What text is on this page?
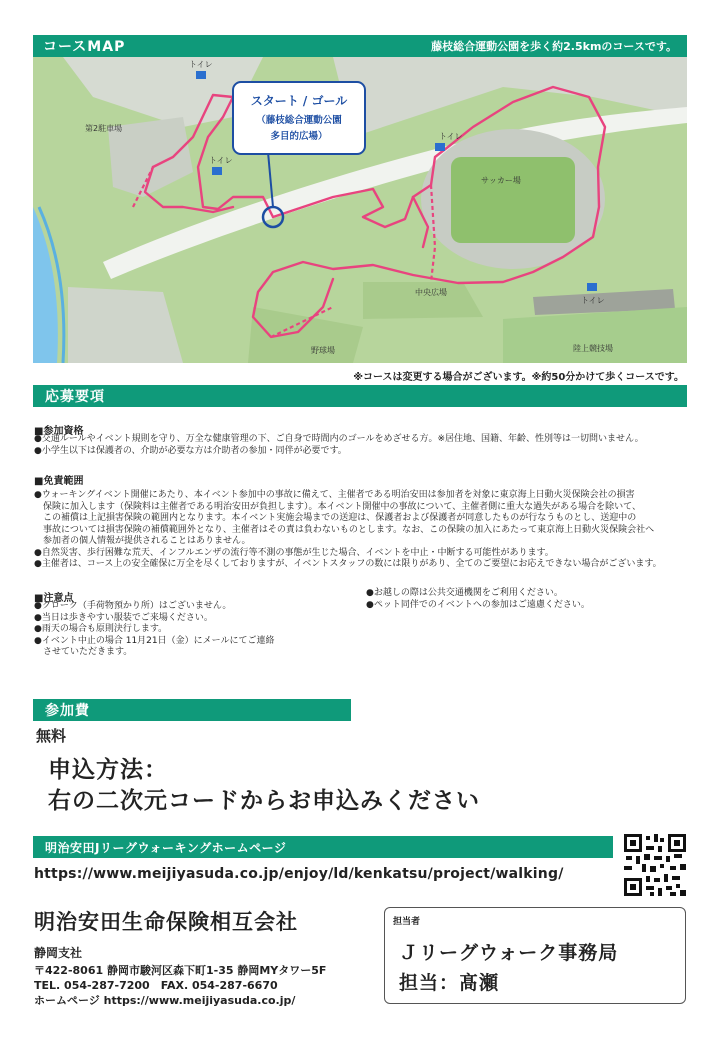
コースMAP	藤枝総合運動公園を歩く約2.5kmのコースです。
トイレ
トイレ
トイレ
トイレ
第2駐車場
サッカー場
中央広場
野球場	陸上競技場
スタート / ゴール
（藤枝総合運動公園
多目的広場）
※コースは変更する場合がございます。※約50分かけて歩くコースです。
応募要項
■参加資格
●交通ルールやイベント規則を守り、万全な健康管理の下、ご自身で時間内のゴールをめざせる方。※居住地、国籍、年齢、性別等は一切問いません。
●小学生以下は保護者の、介助が必要な方は介助者の参加・同伴が必要です。
■免責範囲
●ウォーキングイベント開催にあたり、本イベント参加中の事故に備えて、主催者である明治安田は参加者を対象に東京海上日動火災保険会社の損害
　保険に加入します（保険料は主催者である明治安田が負担します）。本イベント開催中の事故について、主催者側に重大な過失がある場合を除いて、
　この補償は上記損害保険の範囲内となります。本イベント実施会場までの送迎は、保護者および保護者が同意したものが行なうものとし、送迎中の
　事故については損害保険の補償範囲外となり、主催者はその責は負わないものとします。なお、この保険の加入にあたって東京海上日動火災保険会社へ
　参加者の個人情報が提供されることはありません。
●自然災害、歩行困難な荒天、インフルエンザの流行等不測の事態が生じた場合、イベントを中止・中断する可能性があります。
●主催者は、コース上の安全確保に万全を尽くしておりますが、イベントスタッフの数には限りがあり、全てのご要望にお応えできない場合がございます。
■注意点
●クローク（手荷物預かり所）はございません。
●当日は歩きやすい服装でご来場ください。
●雨天の場合も原則決行します。
●イベント中止の場合 11月21日（金）にメールにてご連絡
　させていただきます。
●お越しの際は公共交通機関をご利用ください。
●ペット同伴でのイベントへの参加はご遠慮ください。
参加費
無料
申込方法：
右の二次元コードからお申込みください
明治安田Jリーグウォーキングホームページ
https://www.meijiyasuda.co.jp/enjoy/ld/kenkatsu/project/walking/
明治安田生命保険相互会社
静岡支社
〒422-8061 静岡市駿河区森下町1-35 静岡MYタワー5F
TEL. 054-287-7200　FAX. 054-287-6670
ホームページ https://www.meijiyasuda.co.jp/
担当者
Ｊリーグウォーク事務局
担当：髙瀬
